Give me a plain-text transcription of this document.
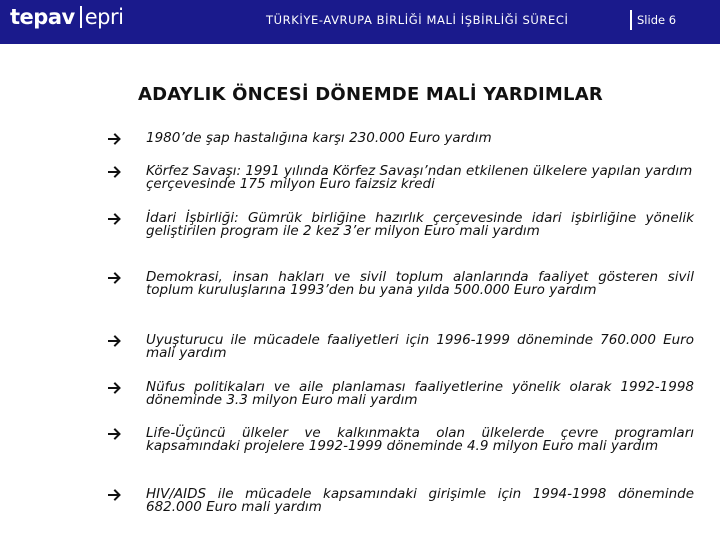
tepav epri	TÜRKİYE-AVRUPA BİRLİĞİ MALİ İŞBİRLİĞİ SÜRECİ	Slide 6
ADAYLIK ÖNCESİ DÖNEMDE MALİ YARDIMLAR
1980’de şap hastalığına karşı 230.000 Euro yardım
Körfez Savaşı: 1991 yılında Körfez Savaşı’ndan etkilenen ülkelere yapılan yardım çerçevesinde 175 milyon Euro faizsiz kredi
İdari İşbirliği: Gümrük birliğine hazırlık çerçevesinde idari işbirliğine yönelik geliştirilen program ile 2 kez 3’er milyon Euro mali yardım
Demokrasi, insan hakları ve sivil toplum alanlarında faaliyet gösteren sivil toplum kuruluşlarına 1993’den bu yana yılda 500.000 Euro yardım
Uyuşturucu ile mücadele faaliyetleri için 1996-1999 döneminde 760.000 Euro mali yardım
Nüfus politikaları ve aile planlaması faaliyetlerine yönelik olarak 1992-1998 döneminde 3.3 milyon Euro mali yardım
Life-Üçüncü ülkeler ve kalkınmakta olan ülkelerde çevre programları kapsamındaki projelere 1992-1999 döneminde 4.9 milyon Euro mali yardım
HIV/AIDS ile mücadele kapsamındaki girişimle için 1994-1998 döneminde 682.000 Euro mali yardım
